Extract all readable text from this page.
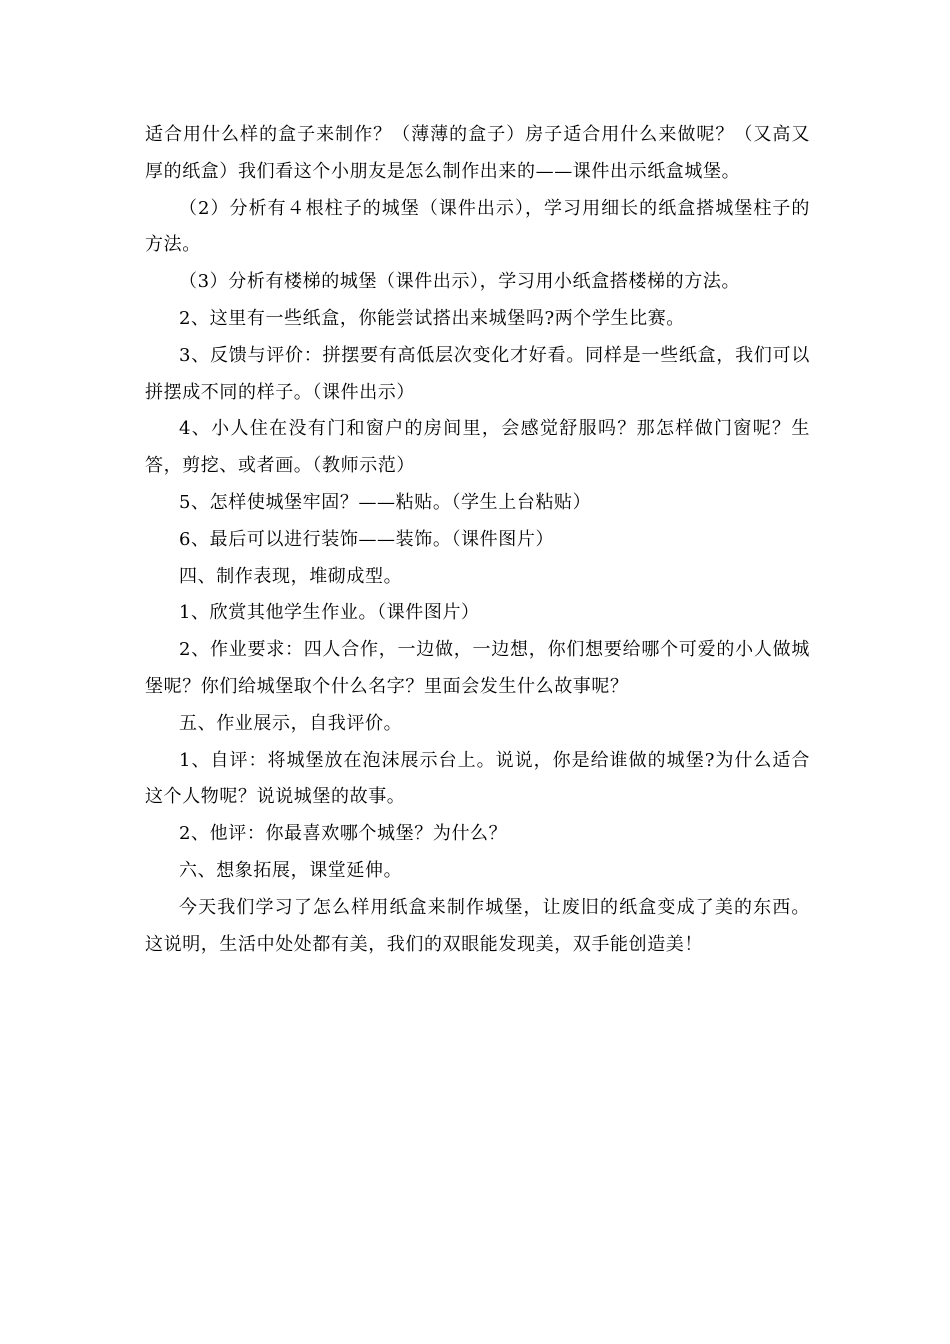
适合用什么样的盒子来制作？（薄薄的盒子）房子适合用什么来做呢？（又高又厚的纸盒）我们看这个小朋友是怎么制作出来的——课件出示纸盒城堡。

（2）分析有４根柱子的城堡（课件出示），学习用细长的纸盒搭城堡柱子的方法。

（3）分析有楼梯的城堡（课件出示），学习用小纸盒搭楼梯的方法。

2、这里有一些纸盒，你能尝试搭出来城堡吗?两个学生比赛。

3、反馈与评价：拼摆要有高低层次变化才好看。同样是一些纸盒，我们可以拼摆成不同的样子。（课件出示）

4、小人住在没有门和窗户的房间里，会感觉舒服吗？那怎样做门窗呢？生答，剪挖、或者画。（教师示范）

5、怎样使城堡牢固？——粘贴。（学生上台粘贴）

6、最后可以进行装饰——装饰。（课件图片）

四、制作表现，堆砌成型。

1、欣赏其他学生作业。（课件图片）

2、作业要求：四人合作，一边做，一边想，你们想要给哪个可爱的小人做城堡呢？你们给城堡取个什么名字？里面会发生什么故事呢？

五、作业展示，自我评价。

1、自评：将城堡放在泡沫展示台上。说说，你是给谁做的城堡?为什么适合这个人物呢？说说城堡的故事。

2、他评：你最喜欢哪个城堡？为什么？

六、想象拓展，课堂延伸。

今天我们学习了怎么样用纸盒来制作城堡，让废旧的纸盒变成了美的东西。这说明，生活中处处都有美，我们的双眼能发现美，双手能创造美！
